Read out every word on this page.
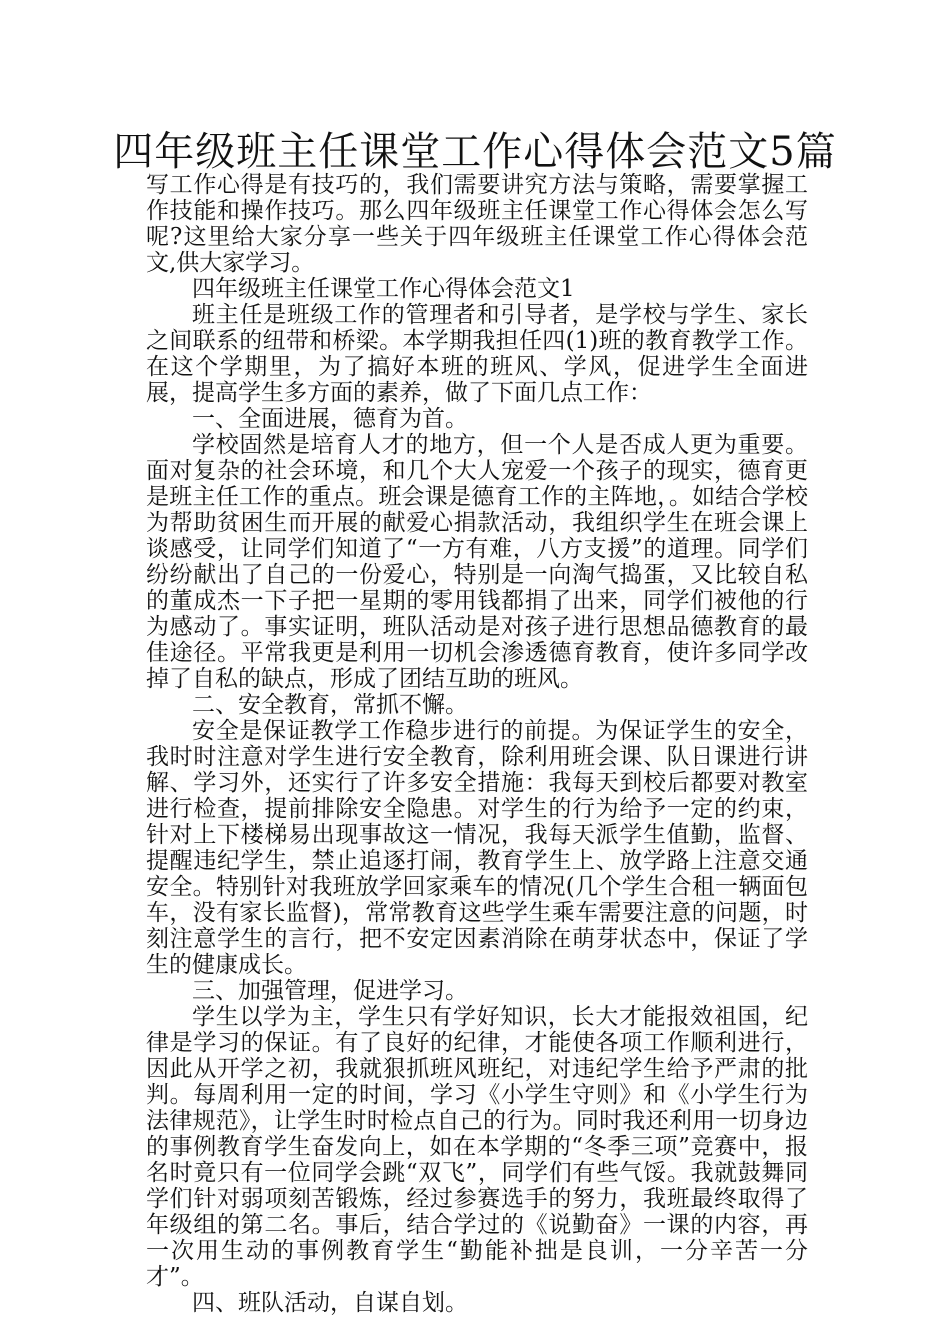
四年级班主任课堂工作心得体会范文5篇

写工作心得是有技巧的，我们需要讲究方法与策略，需要掌握工作技能和操作技巧。那么四年级班主任课堂工作心得体会怎么写呢?这里给大家分享一些关于四年级班主任课堂工作心得体会范文,供大家学习。

四年级班主任课堂工作心得体会范文1

班主任是班级工作的管理者和引导者，是学校与学生、家长之间联系的纽带和桥梁。本学期我担任四(1)班的教育教学工作。在这个学期里，为了搞好本班的班风、学风，促进学生全面进展，提高学生多方面的素养，做了下面几点工作：

一、全面进展，德育为首。

学校固然是培育人才的地方，但一个人是否成人更为重要。面对复杂的社会环境，和几个大人宠爱一个孩子的现实，德育更是班主任工作的重点。班会课是德育工作的主阵地，。如结合学校为帮助贫困生而开展的献爱心捐款活动，我组织学生在班会课上谈感受，让同学们知道了“一方有难，八方支援”的道理。同学们纷纷献出了自己的一份爱心，特别是一向淘气捣蛋，又比较自私的董成杰一下子把一星期的零用钱都捐了出来，同学们被他的行为感动了。事实证明，班队活动是对孩子进行思想品德教育的最佳途径。平常我更是利用一切机会渗透德育教育，使许多同学改掉了自私的缺点，形成了团结互助的班风。

二、安全教育，常抓不懈。

安全是保证教学工作稳步进行的前提。为保证学生的安全，我时时注意对学生进行安全教育，除利用班会课、队日课进行讲解、学习外，还实行了许多安全措施：我每天到校后都要对教室进行检查，提前排除安全隐患。对学生的行为给予一定的约束，针对上下楼梯易出现事故这一情况，我每天派学生值勤，监督、提醒违纪学生，禁止追逐打闹，教育学生上、放学路上注意交通安全。特别针对我班放学回家乘车的情况(几个学生合租一辆面包车，没有家长监督)，常常教育这些学生乘车需要注意的问题，时刻注意学生的言行，把不安定因素消除在萌芽状态中，保证了学生的健康成长。

三、加强管理，促进学习。

学生以学为主，学生只有学好知识，长大才能报效祖国，纪律是学习的保证。有了良好的纪律，才能使各项工作顺利进行，因此从开学之初，我就狠抓班风班纪，对违纪学生给予严肃的批判。每周利用一定的时间，学习《小学生守则》和《小学生行为法律规范》，让学生时时检点自己的行为。同时我还利用一切身边的事例教育学生奋发向上，如在本学期的“冬季三项”竞赛中，报名时竟只有一位同学会跳“双飞”，同学们有些气馁。我就鼓舞同学们针对弱项刻苦锻炼，经过参赛选手的努力，我班最终取得了年级组的第二名。事后，结合学过的《说勤奋》一课的内容，再一次用生动的事例教育学生“勤能补拙是良训，一分辛苦一分才”。

四、班队活动，自谋自划。
